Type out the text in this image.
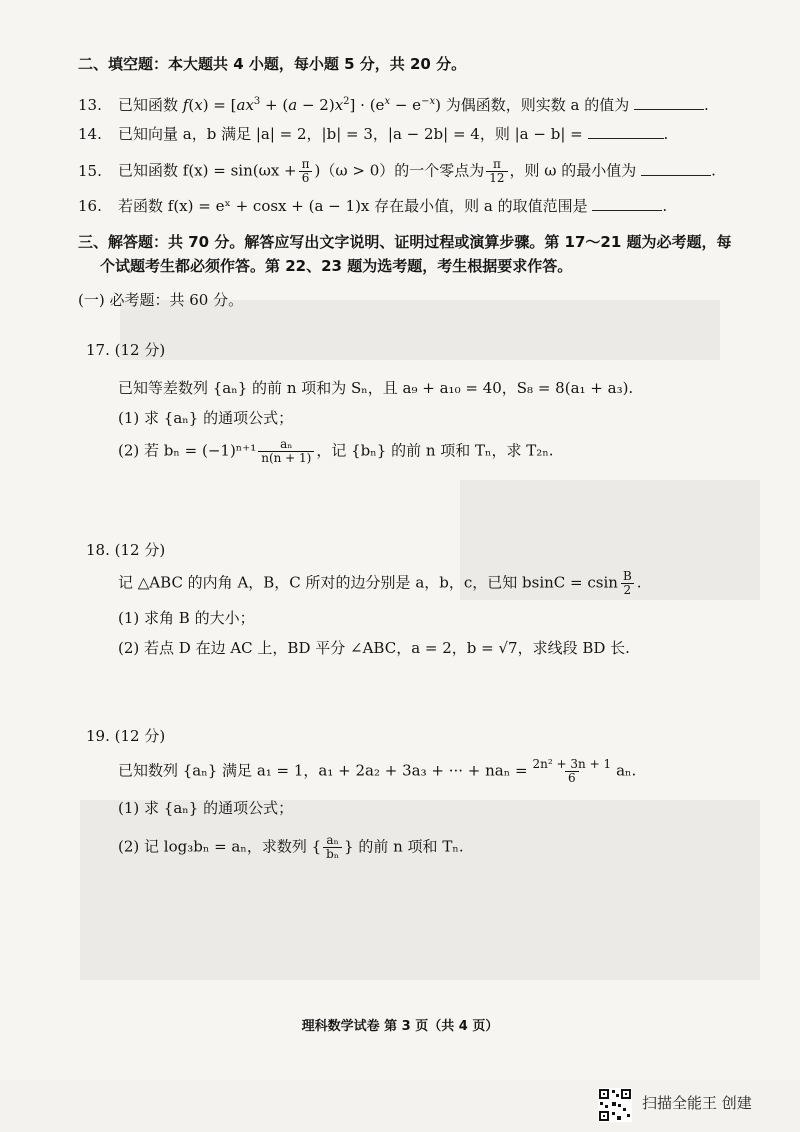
二、填空题：本大题共 4 小题，每小题 5 分，共 20 分。
13. 已知函数 $f(x) = [ax^3 + (a - 2)x^2] \cdot (e^x - e^{-x})$ 为偶函数，则实数 a 的值为	.
14. 已知向量 a，b 满足 |a| = 2，|b| = 3，|a − 2b| = 4，则 |a − b| =	.
15. 已知函数 $f(x) = \sin(\omega x + \frac{\pi}{6} )(\omega > 0)$的一个零点为 $\frac{\pi}{12}$ ，则 ω 的最小值为	.
16. 若函数 f(x) = eˣ + cosx + (a − 1)x 存在最小值，则 a 的取值范围是	.
三、解答题：共 70 分。解答应写出文字说明、证明过程或演算步骤。第 17～21 题为必考题，每
个试题考生都必须作答。第 22、23 题为选考题，考生根据要求作答。
(一) 必考题：共 60 分。
17. (12 分)
已知等差数列 {aₙ} 的前 n 项和为 Sₙ，且 a₉ + a₁₀ = 40，S₈ = 8(a₁ + a₃).
(1) 求 {aₙ} 的通项公式；
(2) 若 $b_n = (-1)^{n+1} \frac{\text{aₙ}}{n(n + 1)}$ ，记 {bₙ} 的前 n 项和 Tₙ，求 T₂ₙ.
18. (12 分)
记 △ABC 的内角 A，B，C 所对的边分别是 a，b，c，已知 bsinC = csin $\frac{B}{2}$ .
(1) 求角 B 的大小；
(2) 若点 D 在边 AC 上，BD 平分 ∠ABC，a = 2，b = √7，求线段 BD 长.
19. (12 分)
已知数列 {aₙ} 满足 a₁ = 1，a₁ + 2a₂ + 3a₃ + ··· + $na_n = \frac{\text{2n² + 3n + 1}}{6} a_n$.
(1) 求 {aₙ} 的通项公式；
(2) 记 log₃bₙ = aₙ，求数列 { $\frac{\text{aₙ}}{\text{bₙ}}$ } 的前 n 项和 Tₙ.
理科数学试卷 第 3 页（共 4 页）
扫描全能王 创建
